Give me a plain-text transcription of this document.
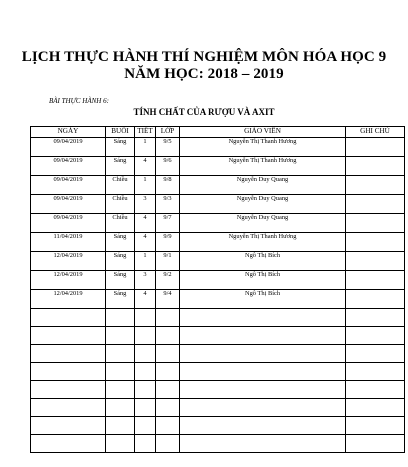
LỊCH THỰC HÀNH THÍ NGHIỆM MÔN HÓA HỌC 9
NĂM HỌC: 2018 – 2019
BÀI THỰC HÀNH 6:
TÍNH CHẤT CỦA RƯỢU VÀ AXIT
NGÀY	BUỔI	TIẾT	LỚP	GIÁO VIÊN	GHI CHÚ
09/04/2019	Sáng	1	9/5	Nguyễn Thị Thanh Hương	
09/04/2019	Sáng	4	9/6	Nguyễn Thị Thanh Hương	
09/04/2019	Chiều	1	9/8	Nguyễn Duy Quang	
09/04/2019	Chiều	3	9/3	Nguyễn Duy Quang	
09/04/2019	Chiều	4	9/7	Nguyễn Duy Quang	
11/04/2019	Sáng	4	9/9	Nguyễn Thị Thanh Hương	
12/04/2019	Sáng	1	9/1	Ngô Thị Bích	
12/04/2019	Sáng	3	9/2	Ngô Thị Bích	
12/04/2019	Sáng	4	9/4	Ngô Thị Bích	
